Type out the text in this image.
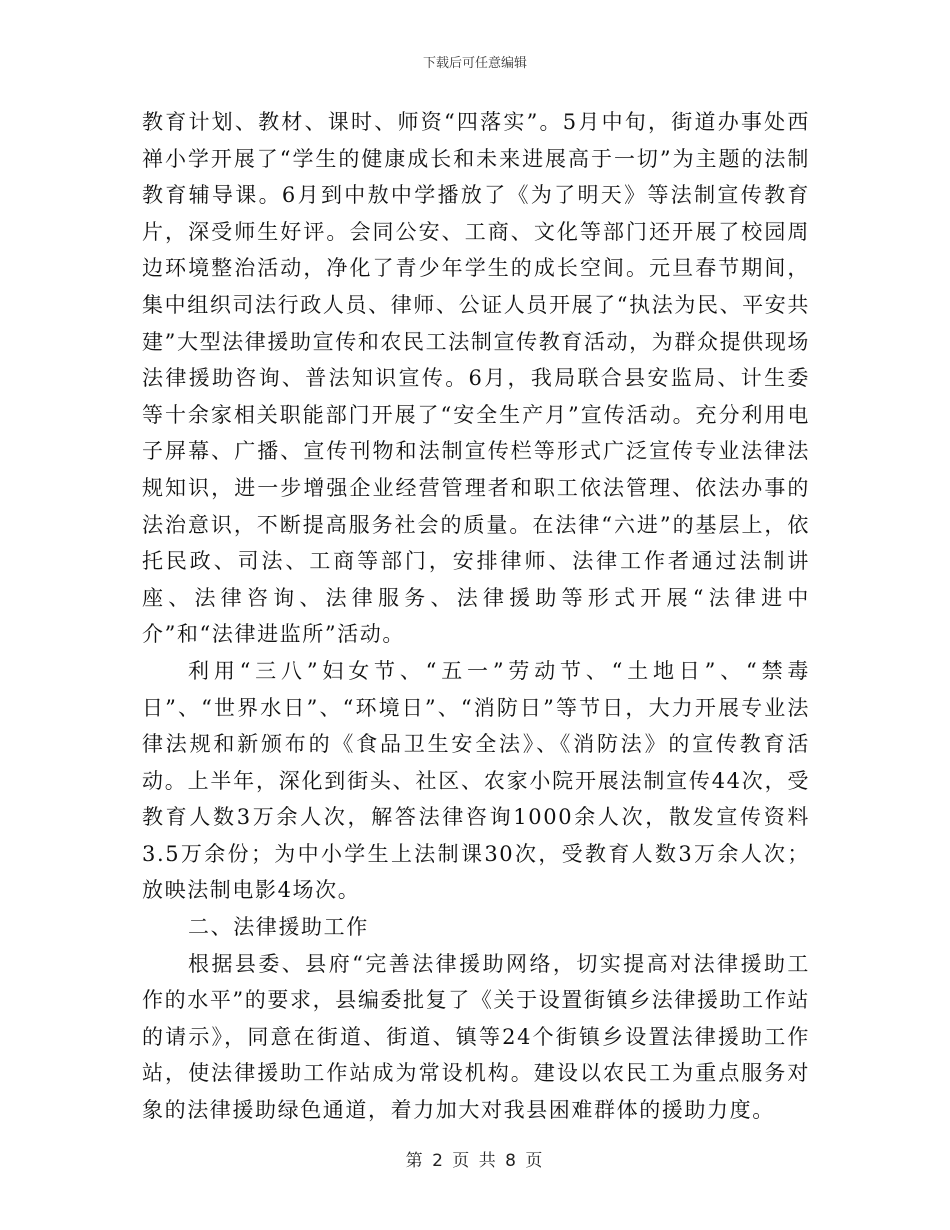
下载后可任意编辑

教育计划、教材、课时、师资“四落实”。5月中旬，街道办事处西禅小学开展了“学生的健康成长和未来进展高于一切”为主题的法制教育辅导课。6月到中敖中学播放了《为了明天》等法制宣传教育片，深受师生好评。会同公安、工商、文化等部门还开展了校园周边环境整治活动，净化了青少年学生的成长空间。元旦春节期间，集中组织司法行政人员、律师、公证人员开展了“执法为民、平安共建”大型法律援助宣传和农民工法制宣传教育活动，为群众提供现场法律援助咨询、普法知识宣传。6月，我局联合县安监局、计生委等十余家相关职能部门开展了“安全生产月”宣传活动。充分利用电子屏幕、广播、宣传刊物和法制宣传栏等形式广泛宣传专业法律法规知识，进一步增强企业经营管理者和职工依法管理、依法办事的法治意识，不断提高服务社会的质量。在法律“六进”的基层上，依托民政、司法、工商等部门，安排律师、法律工作者通过法制讲座、法律咨询、法律服务、法律援助等形式开展“法律进中介”和“法律进监所”活动。

利用“三八”妇女节、“五一”劳动节、“土地日”、“禁毒日”、“世界水日”、“环境日”、“消防日”等节日，大力开展专业法律法规和新颁布的《食品卫生安全法》、《消防法》的宣传教育活动。上半年，深化到街头、社区、农家小院开展法制宣传44次，受教育人数3万余人次，解答法律咨询1000余人次，散发宣传资料3.5万余份；为中小学生上法制课30次，受教育人数3万余人次；放映法制电影4场次。

二、法律援助工作

根据县委、县府“完善法律援助网络，切实提高对法律援助工作的水平”的要求，县编委批复了《关于设置街镇乡法律援助工作站的请示》，同意在街道、街道、镇等24个街镇乡设置法律援助工作站，使法律援助工作站成为常设机构。建设以农民工为重点服务对象的法律援助绿色通道，着力加大对我县困难群体的援助力度。

第 2 页 共 8 页
